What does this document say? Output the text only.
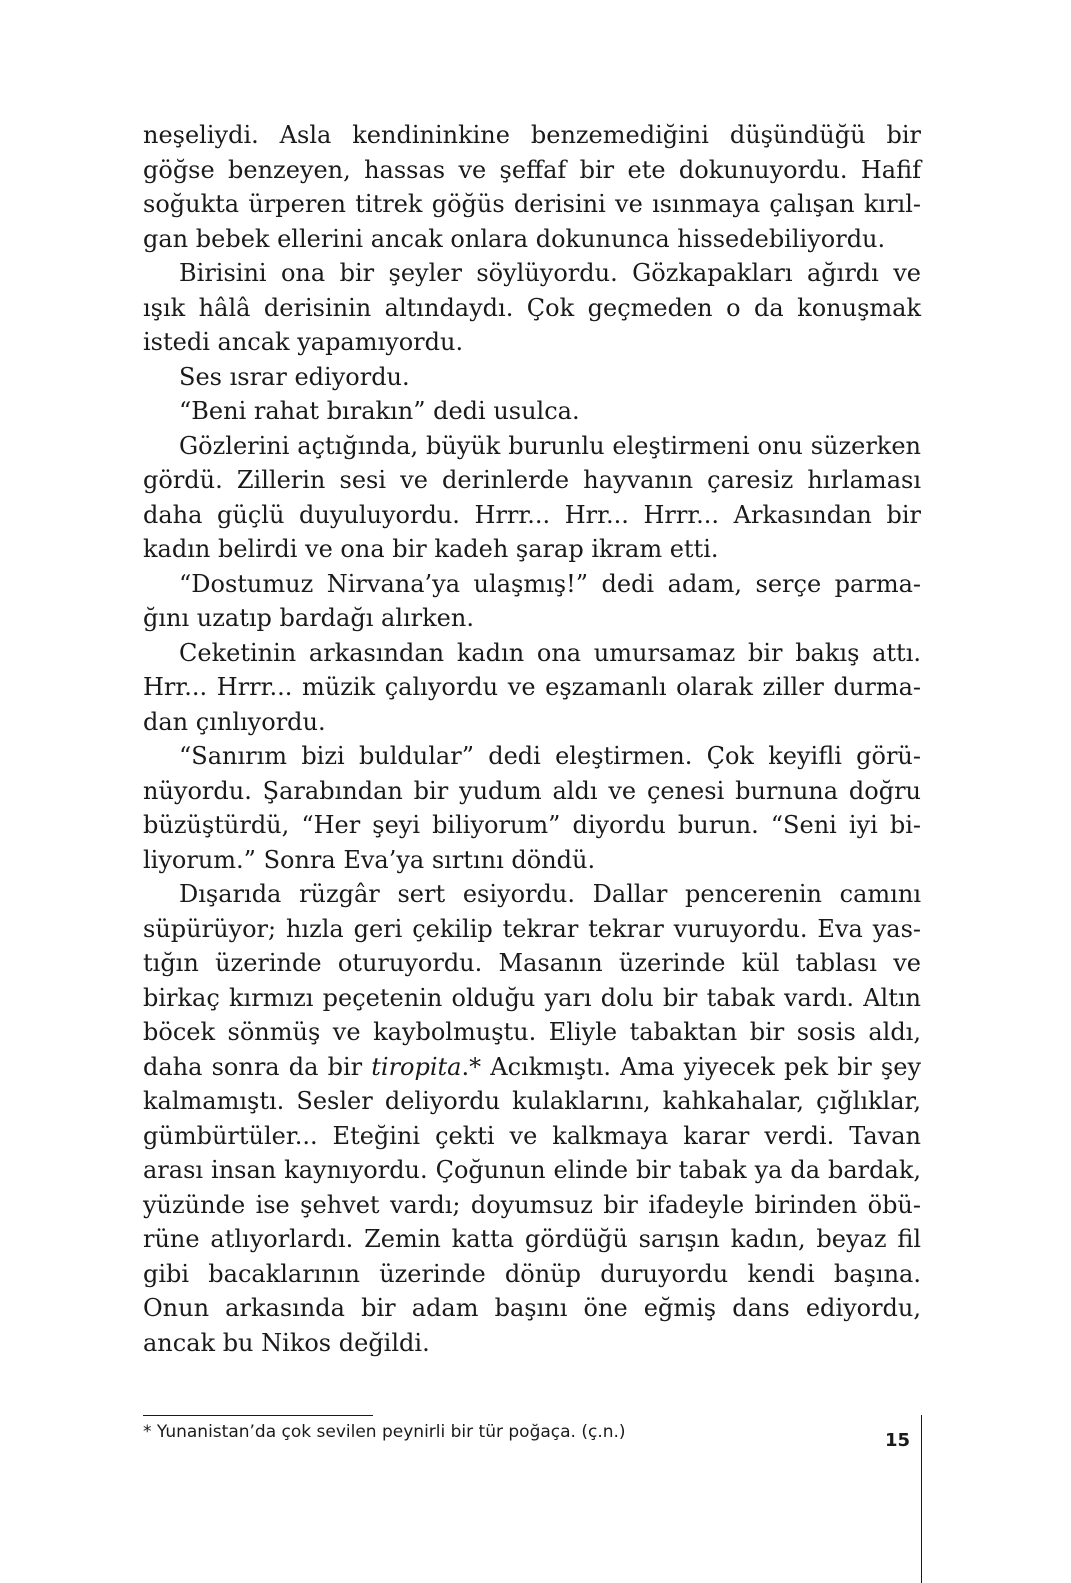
neşeliydi. Asla kendininkine benzemediğini düşündüğü bir göğse benzeyen, hassas ve şeffaf bir ete dokunuyordu. Hafif soğukta ürperen titrek göğüs derisini ve ısınmaya çalışan kırılgan bebek ellerini ancak onlara dokununca hissedebiliyordu.

Birisini ona bir şeyler söylüyordu. Gözkapakları ağırdı ve ışık hâlâ derisinin altındaydı. Çok geçmeden o da konuşmak istedi ancak yapamıyordu.

Ses ısrar ediyordu.

“Beni rahat bırakın” dedi usulca.

Gözlerini açtığında, büyük burunlu eleştirmeni onu süzerken gördü. Zillerin sesi ve derinlerde hayvanın çaresiz hırlaması daha güçlü duyuluyordu. Hrrr... Hrr... Hrrr... Arkasından bir kadın belirdi ve ona bir kadeh şarap ikram etti.

“Dostumuz Nirvana’ya ulaşmış!” dedi adam, serçe parmağını uzatıp bardağı alırken.

Ceketinin arkasından kadın ona umursamaz bir bakış attı. Hrr... Hrrr... müzik çalıyordu ve eşzamanlı olarak ziller durmadan çınlıyordu.

“Sanırım bizi buldular” dedi eleştirmen. Çok keyifli görünüyordu. Şarabından bir yudum aldı ve çenesi burnuna doğru büzüştürdü, “Her şeyi biliyorum” diyordu burun. “Seni iyi biliyorum.” Sonra Eva’ya sırtını döndü.

Dışarıda rüzgâr sert esiyordu. Dallar pencerenin camını süpürüyor; hızla geri çekilip tekrar tekrar vuruyordu. Eva yastığın üzerinde oturuyordu. Masanın üzerinde kül tablası ve birkaç kırmızı peçetenin olduğu yarı dolu bir tabak vardı. Altın böcek sönmüş ve kaybolmuştu. Eliyle tabaktan bir sosis aldı, daha sonra da bir tiropita.* Acıkmıştı. Ama yiyecek pek bir şey kalmamıştı. Sesler deliyordu kulaklarını, kahkahalar, çığlıklar, gümbürtüler... Eteğini çekti ve kalkmaya karar verdi. Tavan arası insan kaynıyordu. Çoğunun elinde bir tabak ya da bardak, yüzünde ise şehvet vardı; doyumsuz bir ifadeyle birinden öbürüne atlıyorlardı. Zemin katta gördüğü sarışın kadın, beyaz fil gibi bacaklarının üzerinde dönüp duruyordu kendi başına. Onun arkasında bir adam başını öne eğmiş dans ediyordu, ancak bu Nikos değildi.

* Yunanistan’da çok sevilen peynirli bir tür poğaça. (ç.n.)	15
